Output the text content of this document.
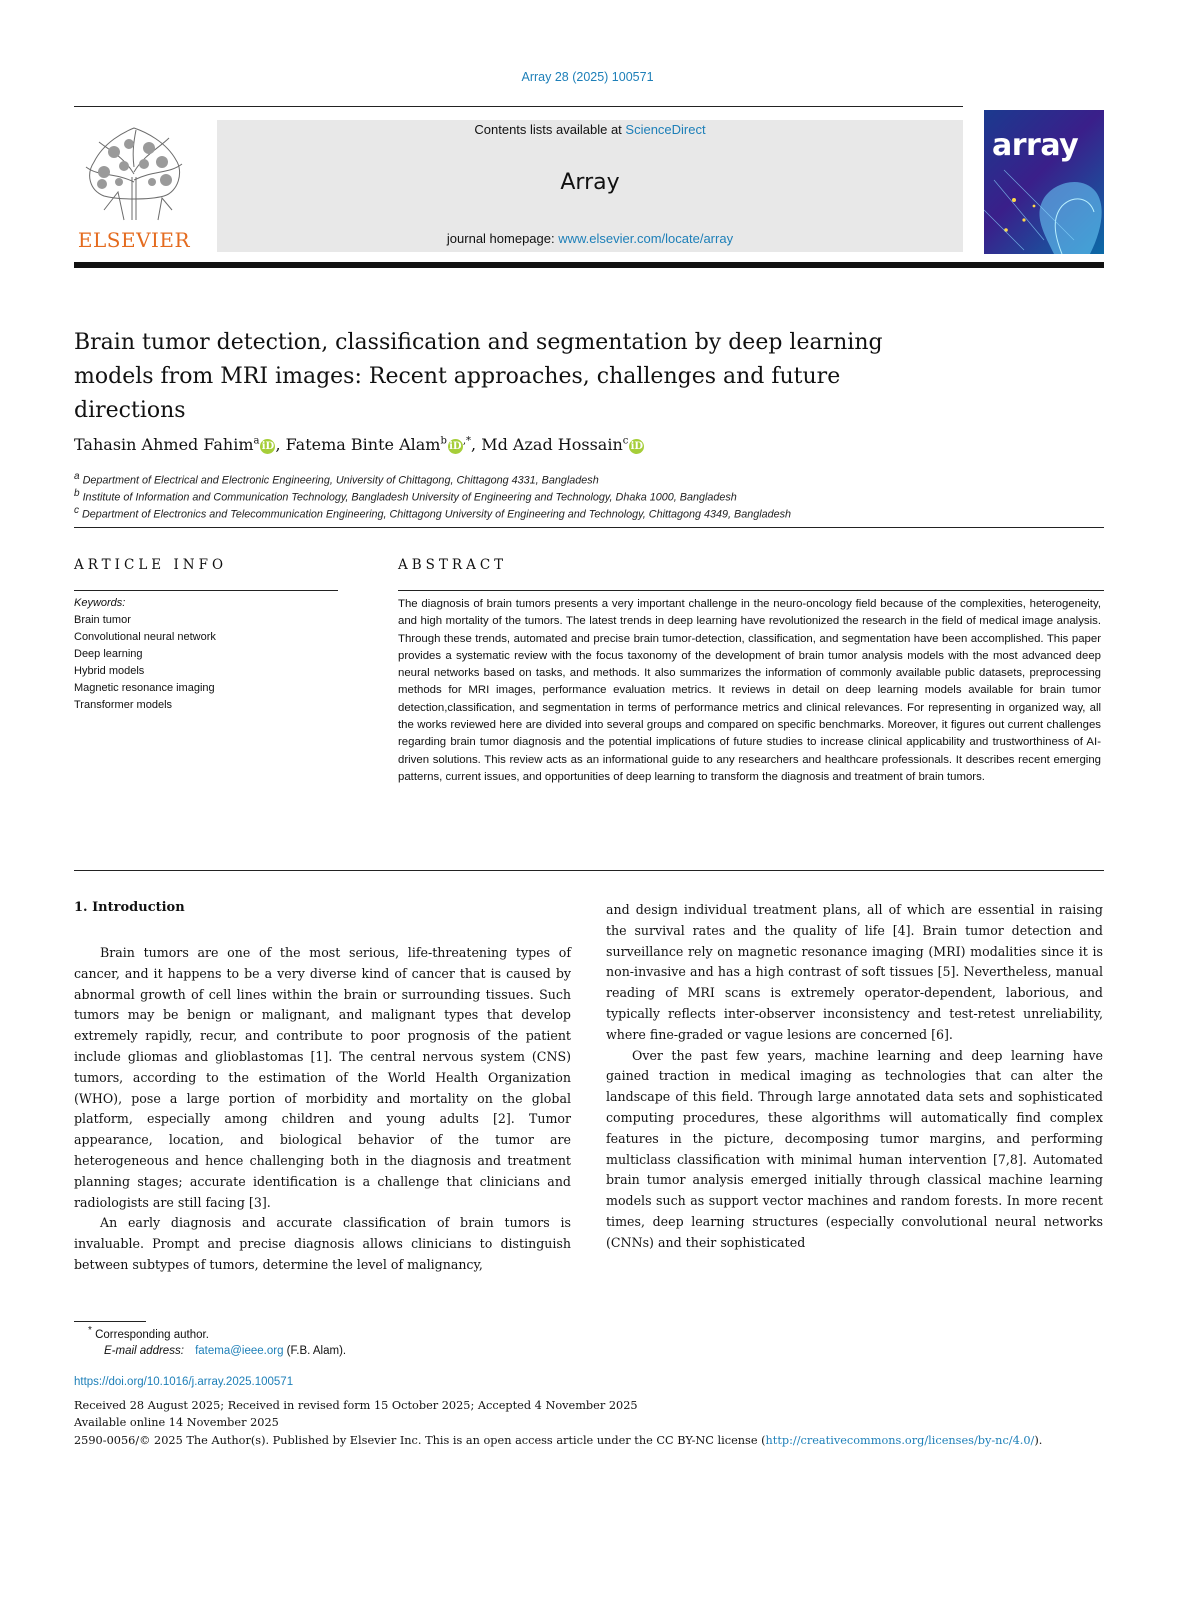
Array 28 (2025) 100571
ELSEVIER
Contents lists available at ScienceDirect
Array
journal homepage: www.elsevier.com/locate/array
array
Brain tumor detection, classification and segmentation by deep learning models from MRI images: Recent approaches, challenges and future directions
Tahasin Ahmed Fahim$^a$ iD, Fatema Binte Alam$^b$ iD,*, Md Azad Hossain$^c$ iD
a Department of Electrical and Electronic Engineering, University of Chittagong, Chittagong 4331, Bangladesh
b Institute of Information and Communication Technology, Bangladesh University of Engineering and Technology, Dhaka 1000, Bangladesh
c Department of Electronics and Telecommunication Engineering, Chittagong University of Engineering and Technology, Chittagong 4349, Bangladesh
ARTICLE INFO
Keywords:
Brain tumor
Convolutional neural network
Deep learning
Hybrid models
Magnetic resonance imaging
Transformer models
ABSTRACT
The diagnosis of brain tumors presents a very important challenge in the neuro-oncology field because of the complexities, heterogeneity, and high mortality of the tumors. The latest trends in deep learning have revolutionized the research in the field of medical image analysis. Through these trends, automated and precise brain tumor-detection, classification, and segmentation have been accomplished. This paper provides a systematic review with the focus taxonomy of the development of brain tumor analysis models with the most advanced deep neural networks based on tasks, and methods. It also summarizes the information of commonly available public datasets, preprocessing methods for MRI images, performance evaluation metrics. It reviews in detail on deep learning models available for brain tumor detection,classification, and segmentation in terms of performance metrics and clinical relevances. For representing in organized way, all the works reviewed here are divided into several groups and compared on specific benchmarks. Moreover, it figures out current challenges regarding brain tumor diagnosis and the potential implications of future studies to increase clinical applicability and trustworthiness of AI-driven solutions. This review acts as an informational guide to any researchers and healthcare professionals. It describes recent emerging patterns, current issues, and opportunities of deep learning to transform the diagnosis and treatment of brain tumors.
1. Introduction

Brain tumors are one of the most serious, life-threatening types of cancer, and it happens to be a very diverse kind of cancer that is caused by abnormal growth of cell lines within the brain or surrounding tissues. Such tumors may be benign or malignant, and malignant types that develop extremely rapidly, recur, and contribute to poor prognosis of the patient include gliomas and glioblastomas [1]. The central nervous system (CNS) tumors, according to the estimation of the World Health Organization (WHO), pose a large portion of morbidity and mortality on the global platform, especially among children and young adults [2]. Tumor appearance, location, and biological behavior of the tumor are heterogeneous and hence challenging both in the diagnosis and treatment planning stages; accurate identification is a challenge that clinicians and radiologists are still facing [3].

An early diagnosis and accurate classification of brain tumors is invaluable. Prompt and precise diagnosis allows clinicians to distinguish between subtypes of tumors, determine the level of malignancy,

and design individual treatment plans, all of which are essential in raising the survival rates and the quality of life [4]. Brain tumor detection and surveillance rely on magnetic resonance imaging (MRI) modalities since it is non-invasive and has a high contrast of soft tissues [5]. Nevertheless, manual reading of MRI scans is extremely operator-dependent, laborious, and typically reflects inter-observer inconsistency and test-retest unreliability, where fine-graded or vague lesions are concerned [6].

Over the past few years, machine learning and deep learning have gained traction in medical imaging as technologies that can alter the landscape of this field. Through large annotated data sets and sophisticated computing procedures, these algorithms will automatically find complex features in the picture, decomposing tumor margins, and performing multiclass classification with minimal human intervention [7,8]. Automated brain tumor analysis emerged initially through classical machine learning models such as support vector machines and random forests. In more recent times, deep learning structures (especially convolutional neural networks (CNNs) and their sophisticated

* Corresponding author.
E-mail address: fatema@ieee.org (F.B. Alam).
https://doi.org/10.1016/j.array.2025.100571
Received 28 August 2025; Received in revised form 15 October 2025; Accepted 4 November 2025
Available online 14 November 2025
2590-0056/© 2025 The Author(s). Published by Elsevier Inc. This is an open access article under the CC BY-NC license (http://creativecommons.org/licenses/by-nc/4.0/).
